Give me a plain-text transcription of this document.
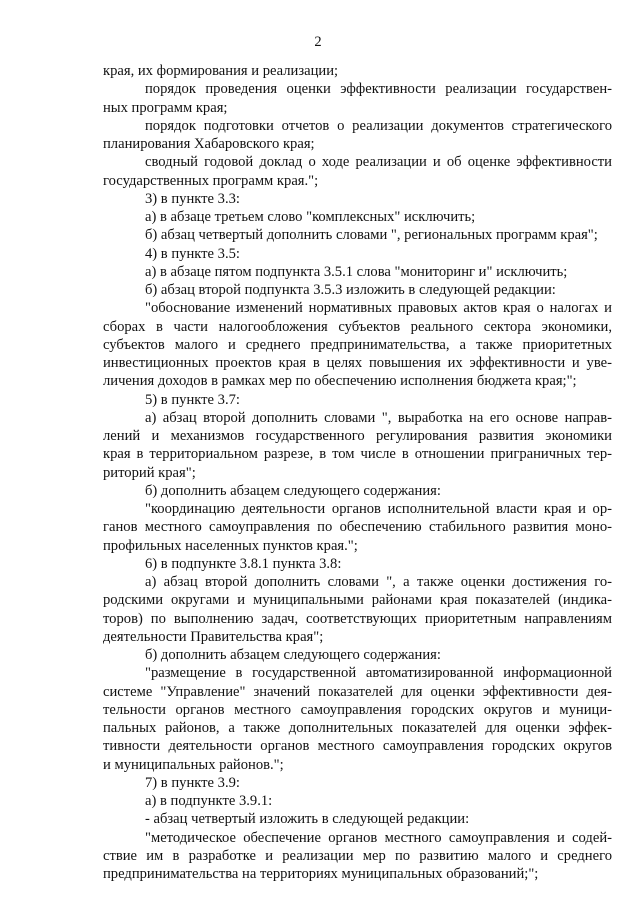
2
края, их формирования и реализации;
порядок проведения оценки эффективности реализации государствен-
ных программ края;
порядок подготовки отчетов о реализации документов стратегического
планирования Хабаровского края;
сводный годовой доклад о ходе реализации и об оценке эффективности
государственных программ края.";
3) в пункте 3.3:
а) в абзаце третьем слово "комплексных" исключить;
б) абзац четвертый дополнить словами ", региональных программ края";
4) в пункте 3.5:
а) в абзаце пятом подпункта 3.5.1 слова "мониторинг и" исключить;
б) абзац второй подпункта 3.5.3 изложить в следующей редакции:
"обоснование изменений нормативных правовых актов края о налогах и
сборах в части налогообложения субъектов реального сектора экономики,
субъектов малого и среднего предпринимательства, а также приоритетных
инвестиционных проектов края в целях повышения их эффективности и уве-
личения доходов в рамках мер по обеспечению исполнения бюджета края;";
5) в пункте 3.7:
а) абзац второй дополнить словами ", выработка на его основе направ-
лений и механизмов государственного регулирования развития экономики
края в территориальном разрезе, в том числе в отношении приграничных тер-
риторий края";
б) дополнить абзацем следующего содержания:
"координацию деятельности органов исполнительной власти края и ор-
ганов местного самоуправления по обеспечению стабильного развития моно-
профильных населенных пунктов края.";
6) в подпункте 3.8.1 пункта 3.8:
а) абзац второй дополнить словами ", а также оценки достижения го-
родскими округами и муниципальными районами края показателей (индика-
торов) по выполнению задач, соответствующих приоритетным направлениям
деятельности Правительства края";
б) дополнить абзацем следующего содержания:
"размещение в государственной автоматизированной информационной
системе "Управление" значений показателей для оценки эффективности дея-
тельности органов местного самоуправления городских округов и муници-
пальных районов, а также дополнительных показателей для оценки эффек-
тивности деятельности органов местного самоуправления городских округов
и муниципальных районов.";
7) в пункте 3.9:
а) в подпункте 3.9.1:
- абзац четвертый изложить в следующей редакции:
"методическое обеспечение органов местного самоуправления и содей-
ствие им в разработке и реализации мер по развитию малого и среднего
предпринимательства на территориях муниципальных образований;";
